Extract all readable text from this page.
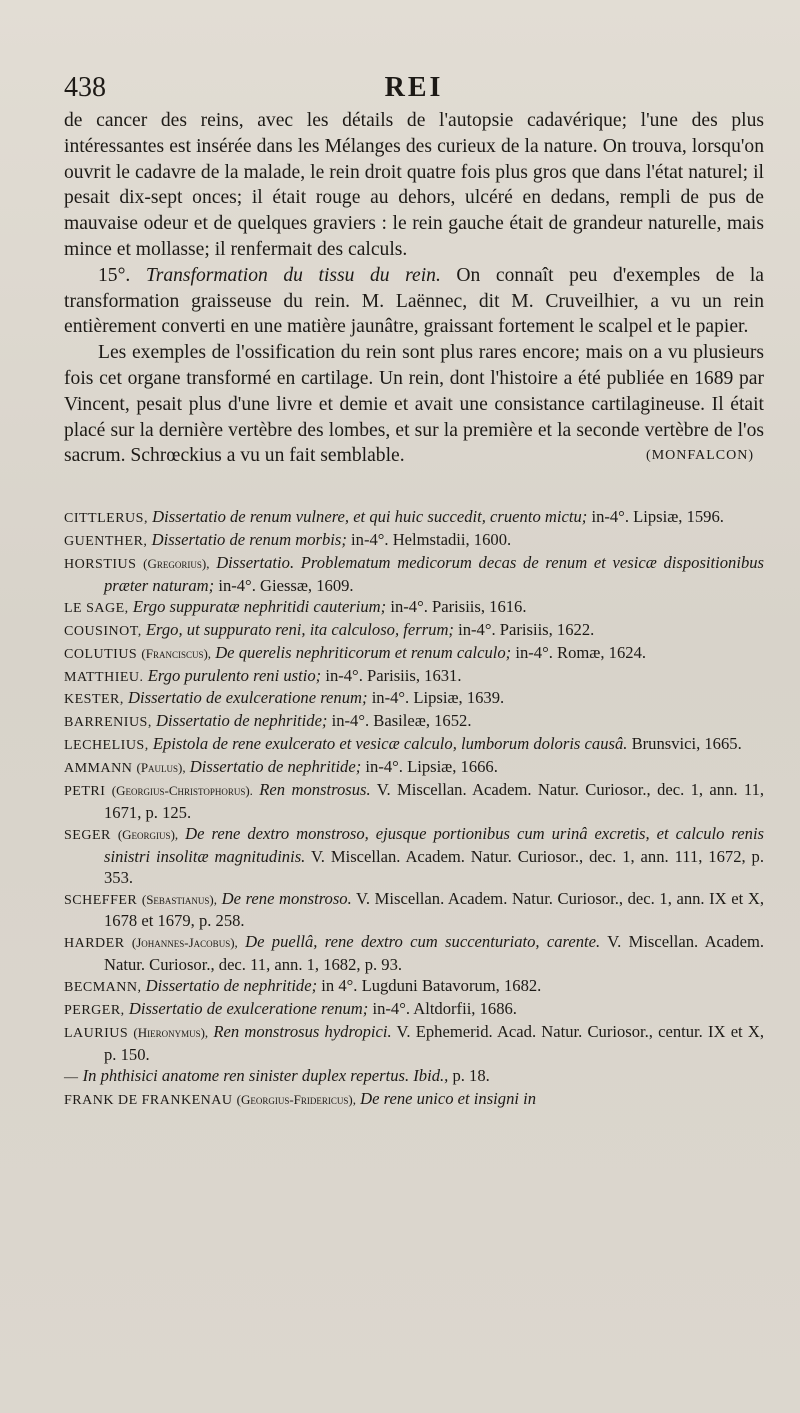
438	REI

de cancer des reins, avec les détails de l'autopsie cadavérique; l'une des plus intéressantes est insérée dans les Mélanges des curieux de la nature. On trouva, lorsqu'on ouvrit le cadavre de la malade, le rein droit quatre fois plus gros que dans l'état naturel; il pesait dix-sept onces; il était rouge au dehors, ulcéré en dedans, rempli de pus de mauvaise odeur et de quelques graviers : le rein gauche était de grandeur naturelle, mais mince et mollasse; il renfermait des calculs.

15°. Transformation du tissu du rein. On connaît peu d'exemples de la transformation graisseuse du rein. M. Laënnec, dit M. Cruveilhier, a vu un rein entièrement converti en une matière jaunâtre, graissant fortement le scalpel et le papier.

Les exemples de l'ossification du rein sont plus rares encore; mais on a vu plusieurs fois cet organe transformé en cartilage. Un rein, dont l'histoire a été publiée en 1689 par Vincent, pesait plus d'une livre et demie et avait une consistance cartilagineuse. Il était placé sur la dernière vertèbre des lombes, et sur la première et la seconde vertèbre de l'os sacrum. Schrœckius a vu un fait semblable.	(MONFALCON)
CITTLERUS, Dissertatio de renum vulnere, et qui huic succedit, cruento mictu; in-4°. Lipsiæ, 1596.
GUENTHER, Dissertatio de renum morbis; in-4°. Helmstadii, 1600.
HORSTIUS (Gregorius), Dissertatio. Problematum medicorum decas de renum et vesicæ dispositionibus præter naturam; in-4°. Giessæ, 1609.
LE SAGE, Ergo suppuratæ nephritidi cauterium; in-4°. Parisiis, 1616.
COUSINOT, Ergo, ut suppurato reni, ita calculoso, ferrum; in-4°. Parisiis, 1622.
COLUTIUS (Franciscus), De querelis nephriticorum et renum calculo; in-4°. Romæ, 1624.
MATTHIEU. Ergo purulento reni ustio; in-4°. Parisiis, 1631.
KESTER, Dissertatio de exulceratione renum; in-4°. Lipsiæ, 1639.
BARRENIUS, Dissertatio de nephritide; in-4°. Basileæ, 1652.
LECHELIUS, Epistola de rene exulcerato et vesicæ calculo, lumborum doloris causâ. Brunsvici, 1665.
AMMANN (Paulus), Dissertatio de nephritide; in-4°. Lipsiæ, 1666.
PETRI (Georgius-Christophorus). Ren monstrosus. V. Miscellan. Academ. Natur. Curiosor., dec. 1, ann. 11, 1671, p. 125.
SEGER (Georgius), De rene dextro monstroso, ejusque portionibus cum urinâ excretis, et calculo renis sinistri insolitæ magnitudinis. V. Miscellan. Academ. Natur. Curiosor., dec. 1, ann. 111, 1672, p. 353.
SCHEFFER (Sebastianus), De rene monstroso. V. Miscellan. Academ. Natur. Curiosor., dec. 1, ann. IX et X, 1678 et 1679, p. 258.
HARDER (Johannes-Jacobus), De puellâ, rene dextro cum succenturiato, carente. V. Miscellan. Academ. Natur. Curiosor., dec. 11, ann. 1, 1682, p. 93.
BECMANN, Dissertatio de nephritide; in 4°. Lugduni Batavorum, 1682.
PERGER, Dissertatio de exulceratione renum; in-4°. Altdorfii, 1686.
LAURIUS (Hieronymus), Ren monstrosus hydropici. V. Ephemerid. Acad. Natur. Curiosor., centur. IX et X, p. 150.
— In phthisici anatome ren sinister duplex repertus. Ibid., p. 18.
FRANK DE FRANKENAU (Georgius-Fridericus), De rene unico et insigni in
